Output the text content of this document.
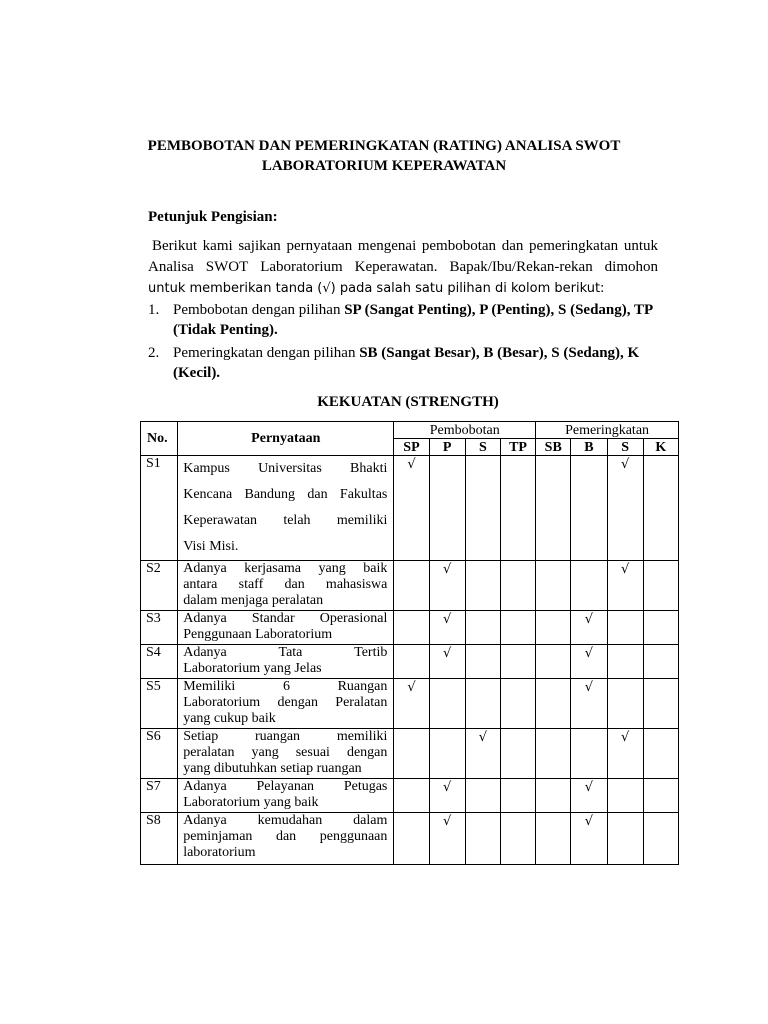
PEMBOBOTAN DAN PEMERINGKATAN (RATING) ANALISA SWOT
LABORATORIUM KEPERAWATAN
Petunjuk Pengisian:
Berikut kami sajikan pernyataan mengenai pembobotan dan pemeringkatan untuk
Analisa SWOT Laboratorium Keperawatan. Bapak/Ibu/Rekan-rekan dimohon
untuk memberikan tanda (√) pada salah satu pilihan di kolom berikut:
1. Pembobotan dengan pilihan SP (Sangat Penting), P (Penting), S (Sedang), TP (Tidak Penting).
2. Pemeringkatan dengan pilihan SB (Sangat Besar), B (Besar), S (Sedang), K (Kecil).
KEKUATAN (STRENGTH)
No.	Pernyataan	Pembobotan				Pemeringkatan			
		SP	P	S	TP	SB	B	S	K
S1	Kampus Universitas Bhakti
Kencana Bandung dan Fakultas
Keperawatan telah memiliki
Visi Misi.	√						√	
S2	Adanya kerjasama yang baik
antara staff dan mahasiswa
dalam menjaga peralatan		√					√	
S3	Adanya Standar Operasional
Penggunaan Laboratorium		√				√		
S4	Adanya Tata Tertib
Laboratorium yang Jelas		√				√		
S5	Memiliki 6 Ruangan
Laboratorium dengan Peralatan
yang cukup baik	√					√		
S6	Setiap ruangan memiliki
peralatan yang sesuai dengan
yang dibutuhkan setiap ruangan			√				√	
S7	Adanya Pelayanan Petugas
Laboratorium yang baik		√				√		
S8	Adanya kemudahan dalam
peminjaman dan penggunaan
laboratorium		√				√		
